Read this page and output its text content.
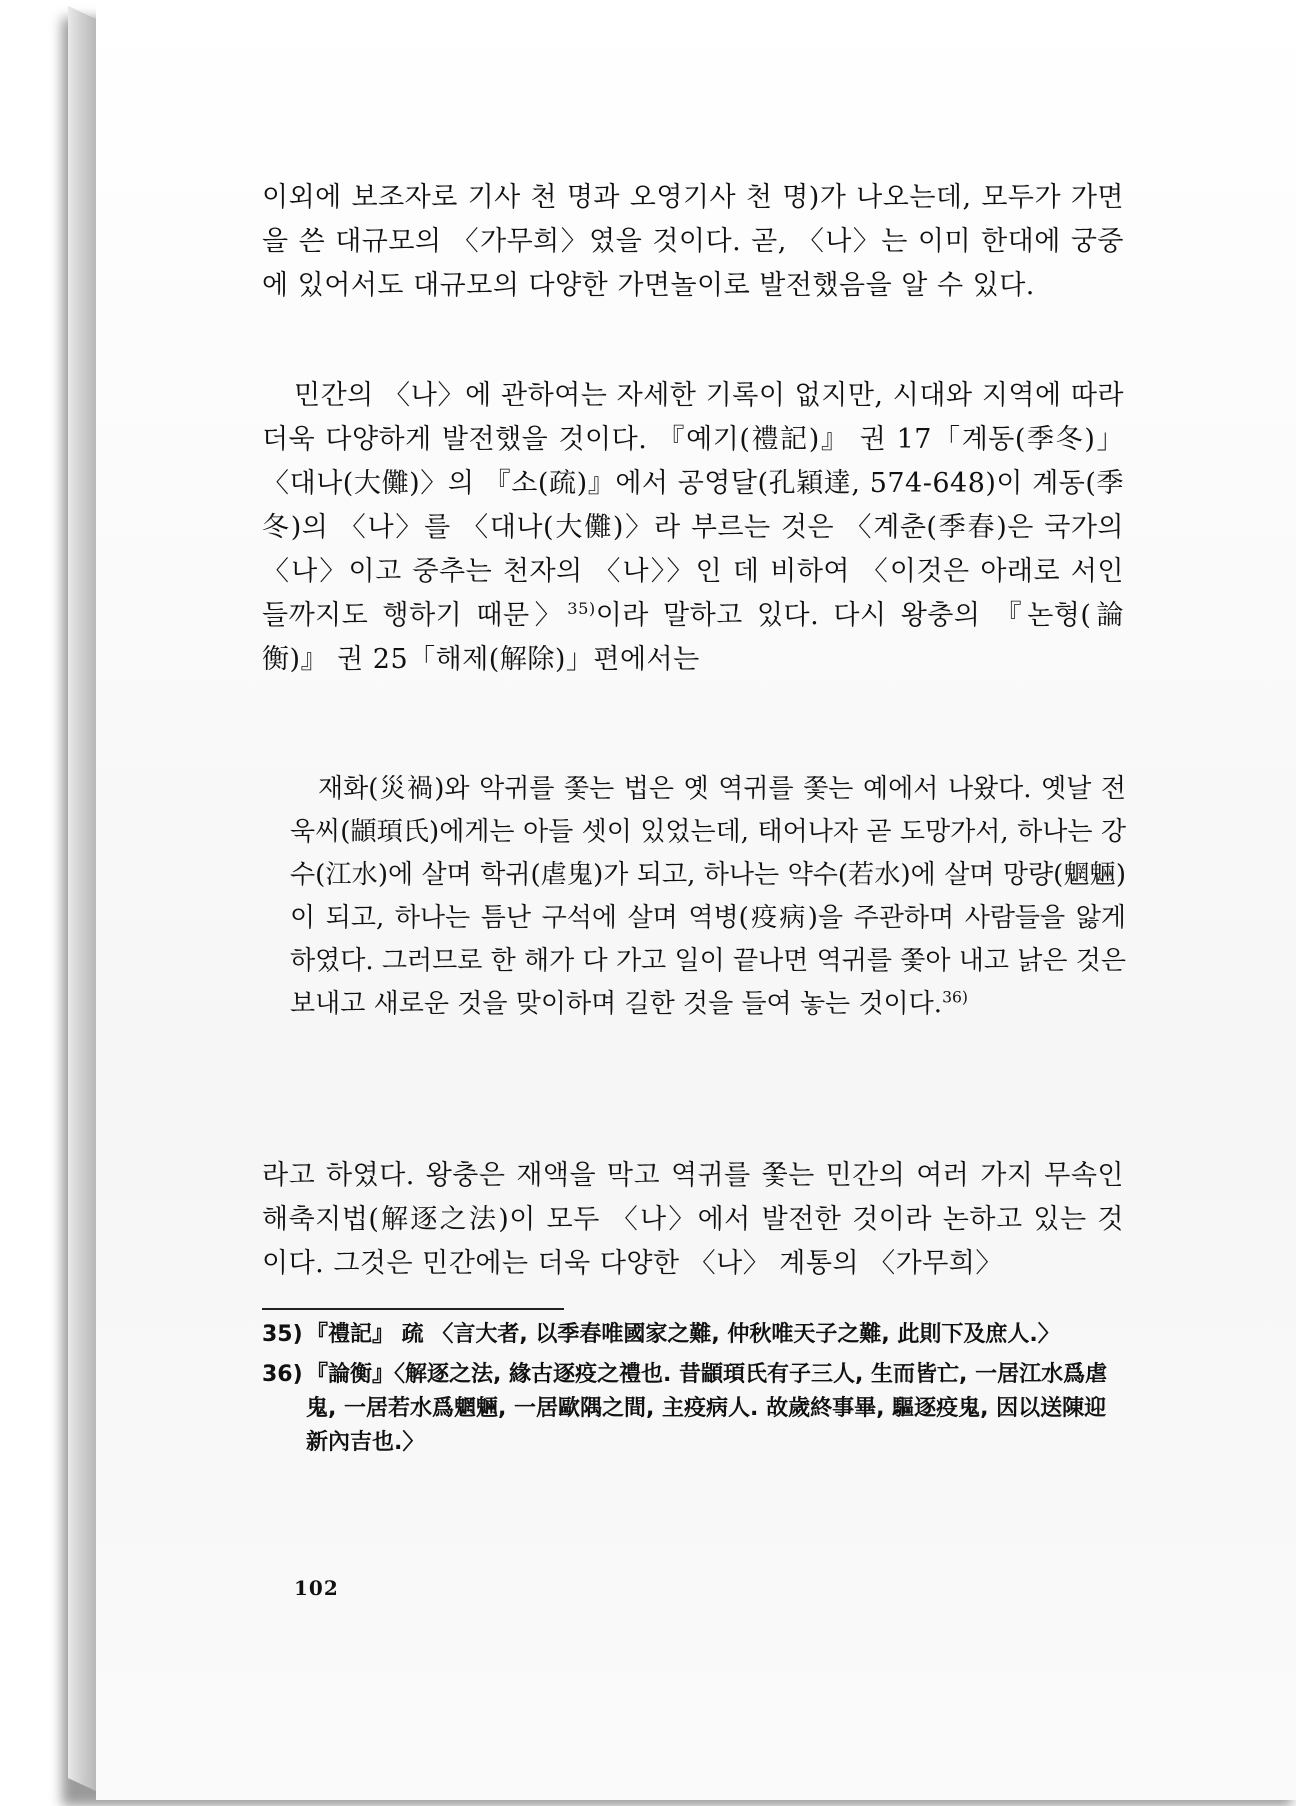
이외에 보조자로 기사 천 명과 오영기사 천 명)가 나오는데, 모두가 가면을 쓴 대규모의 〈가무희〉였을 것이다. 곧, 〈나〉는 이미 한대에 궁중에 있어서도 대규모의 다양한 가면놀이로 발전했음을 알 수 있다.
민간의 〈나〉에 관하여는 자세한 기록이 없지만, 시대와 지역에 따라 더욱 다양하게 발전했을 것이다. 『예기(禮記)』 권 17「계동(季冬)」〈대나(大儺)〉의 『소(疏)』에서 공영달(孔穎達, 574-648)이 계동(季冬)의 〈나〉를 〈대나(大儺)〉라 부르는 것은 〈계춘(季春)은 국가의 〈나〉이고 중추는 천자의 〈나〉〉인 데 비하여 〈이것은 아래로 서인들까지도 행하기 때문〉$^{35)}$이라 말하고 있다. 다시 왕충의 『논형(論衡)』 권 25「해제(解除)」편에서는
재화(災禍)와 악귀를 쫓는 법은 옛 역귀를 쫓는 예에서 나왔다. 옛날 전욱씨(顓頊氏)에게는 아들 셋이 있었는데, 태어나자 곧 도망가서, 하나는 강수(江水)에 살며 학귀(虐鬼)가 되고, 하나는 약수(若水)에 살며 망량(魍魎)이 되고, 하나는 틈난 구석에 살며 역병(疫病)을 주관하며 사람들을 앓게 하였다. 그러므로 한 해가 다 가고 일이 끝나면 역귀를 쫓아 내고 낡은 것은 보내고 새로운 것을 맞이하며 길한 것을 들여 놓는 것이다.$^{36)}$
라고 하였다. 왕충은 재액을 막고 역귀를 쫓는 민간의 여러 가지 무속인 해축지법(解逐之法)이 모두 〈나〉에서 발전한 것이라 논하고 있는 것이다. 그것은 민간에는 더욱 다양한 〈나〉 계통의 〈가무희〉
35) 『禮記』 疏 〈言大者, 以季春唯國家之難, 仲秋唯天子之難, 此則下及庶人.〉
36) 『論衡』〈解逐之法, 緣古逐疫之禮也. 昔顓頊氏有子三人, 生而皆亡, 一居江水爲虐鬼, 一居若水爲魍魎, 一居歐隅之間, 主疫病人. 故歲終事畢, 驅逐疫鬼, 因以送陳迎新內吉也.〉
102
